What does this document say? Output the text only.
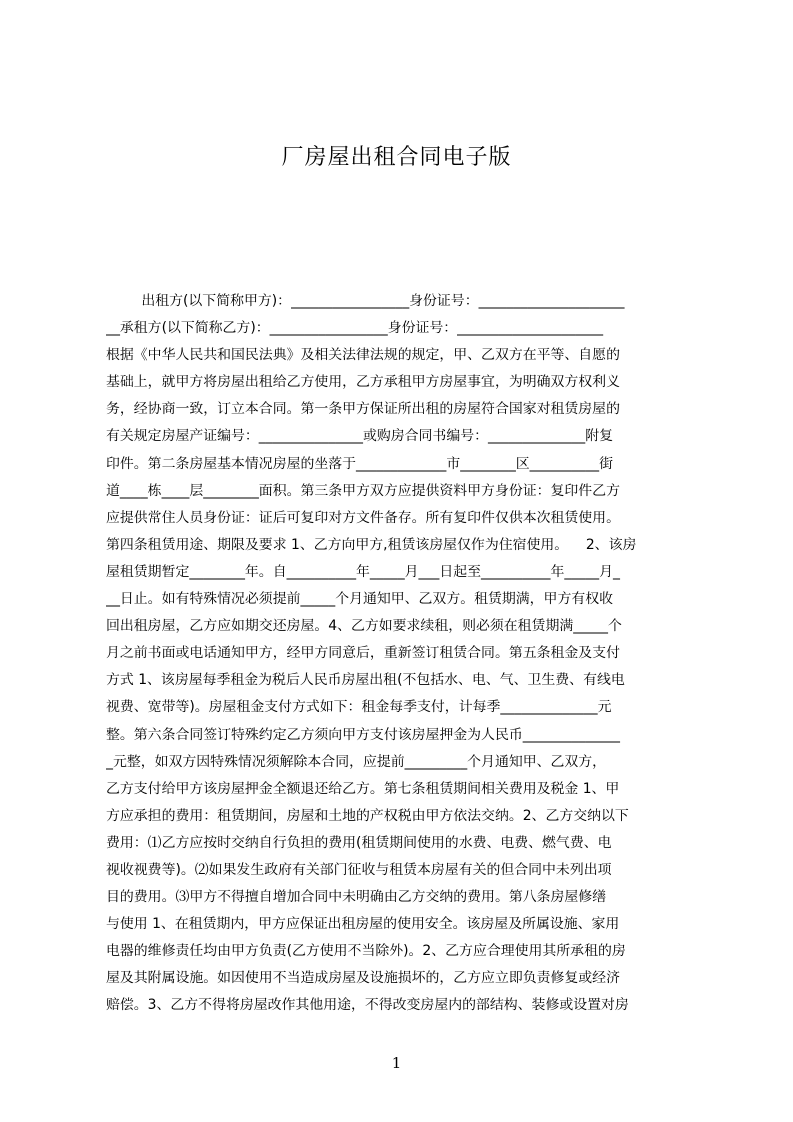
厂房屋出租合同电子版
出租方(以下简称甲方)：_________________身份证号：_____________________
__承租方(以下简称乙方)：_________________身份证号：_____________________
根据《中华人民共和国民法典》及相关法律法规的规定，甲、乙双方在平等、自愿的
基础上，就甲方将房屋出租给乙方使用，乙方承租甲方房屋事宜，为明确双方权利义
务，经协商一致，订立本合同。第一条甲方保证所出租的房屋符合国家对租赁房屋的
有关规定房屋产证编号：_______________或购房合同书编号：______________附复
印件。第二条房屋基本情况房屋的坐落于_____________市________区__________街
道____栋____层________面积。第三条甲方双方应提供资料甲方身份证：复印件乙方
应提供常住人员身份证：证后可复印对方文件备存。所有复印件仅供本次租赁使用。
第四条租赁用途、期限及要求 1、乙方向甲方,租赁该房屋仅作为住宿使用。    2、该房
屋租赁期暂定________年。自__________年_____月___日起至__________年_____月_
__日止。如有特殊情况必须提前_____个月通知甲、乙双方。租赁期满，甲方有权收
回出租房屋，乙方应如期交还房屋。4、乙方如要求续租，则必须在租赁期满_____个
月之前书面或电话通知甲方，经甲方同意后，重新签订租赁合同。第五条租金及支付
方式 1、该房屋每季租金为税后人民币房屋出租(不包括水、电、气、卫生费、有线电
视费、宽带等)。房屋租金支付方式如下：租金每季支付，计每季______________元
整。第六条合同签订特殊约定乙方须向甲方支付该房屋押金为人民币______________
_元整，如双方因特殊情况须解除本合同，应提前_________个月通知甲、乙双方，
乙方支付给甲方该房屋押金全额退还给乙方。第七条租赁期间相关费用及税金 1、甲
方应承担的费用：租赁期间，房屋和土地的产权税由甲方依法交纳。2、乙方交纳以下
费用：⑴乙方应按时交纳自行负担的费用(租赁期间使用的水费、电费、燃气费、电
视收视费等)。⑵如果发生政府有关部门征收与租赁本房屋有关的但合同中未列出项
目的费用。⑶甲方不得擅自增加合同中未明确由乙方交纳的费用。第八条房屋修缮
与使用 1、在租赁期内，甲方应保证出租房屋的使用安全。该房屋及所属设施、家用
电器的维修责任均由甲方负责(乙方使用不当除外)。2、乙方应合理使用其所承租的房
屋及其附属设施。如因使用不当造成房屋及设施损坏的，乙方应立即负责修复或经济
赔偿。3、乙方不得将房屋改作其他用途，不得改变房屋内的部结构、装修或设置对房
1
